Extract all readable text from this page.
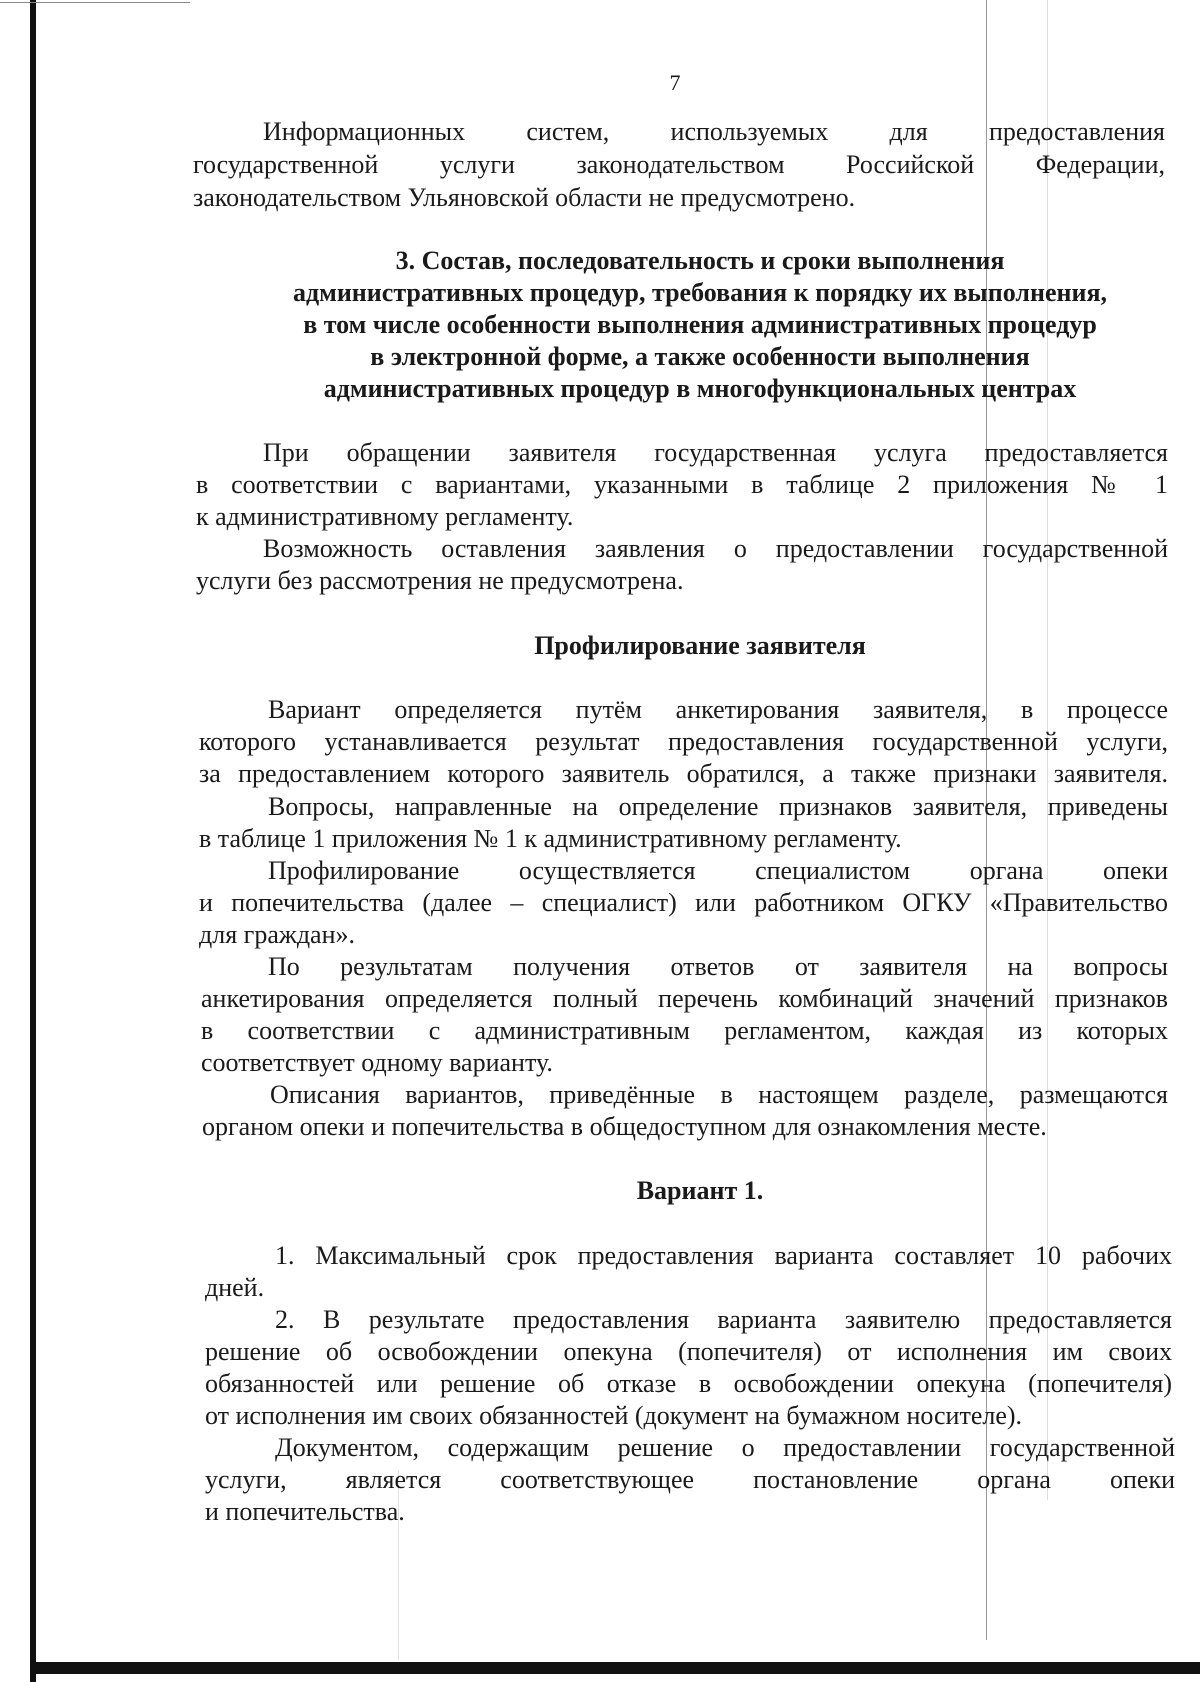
7
Информационных систем, используемых для предоставления
государственной услуги законодательством Российской Федерации,
законодательством Ульяновской области не предусмотрено.
3. Состав, последовательность и сроки выполнения
административных процедур, требования к порядку их выполнения,
в том числе особенности выполнения административных процедур
в электронной форме, а также особенности выполнения
административных процедур в многофункциональных центрах
При обращении заявителя государственная услуга предоставляется
в соответствии с вариантами, указанными в таблице 2 приложения № 1
к административному регламенту.
Возможность оставления заявления о предоставлении государственной
услуги без рассмотрения не предусмотрена.
Профилирование заявителя
Вариант определяется путём анкетирования заявителя, в процессе
которого устанавливается результат предоставления государственной услуги,
за предоставлением которого заявитель обратился, а также признаки заявителя.
Вопросы, направленные на определение признаков заявителя, приведены
в таблице 1 приложения № 1 к административному регламенту.
Профилирование осуществляется специалистом органа опеки
и попечительства (далее – специалист) или работником ОГКУ «Правительство
для граждан».
По результатам получения ответов от заявителя на вопросы
анкетирования определяется полный перечень комбинаций значений признаков
в соответствии с административным регламентом, каждая из которых
соответствует одному варианту.
Описания вариантов, приведённые в настоящем разделе, размещаются
органом опеки и попечительства в общедоступном для ознакомления месте.
Вариант 1.
1. Максимальный срок предоставления варианта составляет 10 рабочих
дней.
2. В результате предоставления варианта заявителю предоставляется
решение об освобождении опекуна (попечителя) от исполнения им своих
обязанностей или решение об отказе в освобождении опекуна (попечителя)
от исполнения им своих обязанностей (документ на бумажном носителе).
Документом, содержащим решение о предоставлении государственной
услуги, является соответствующее постановление органа опеки
и попечительства.
